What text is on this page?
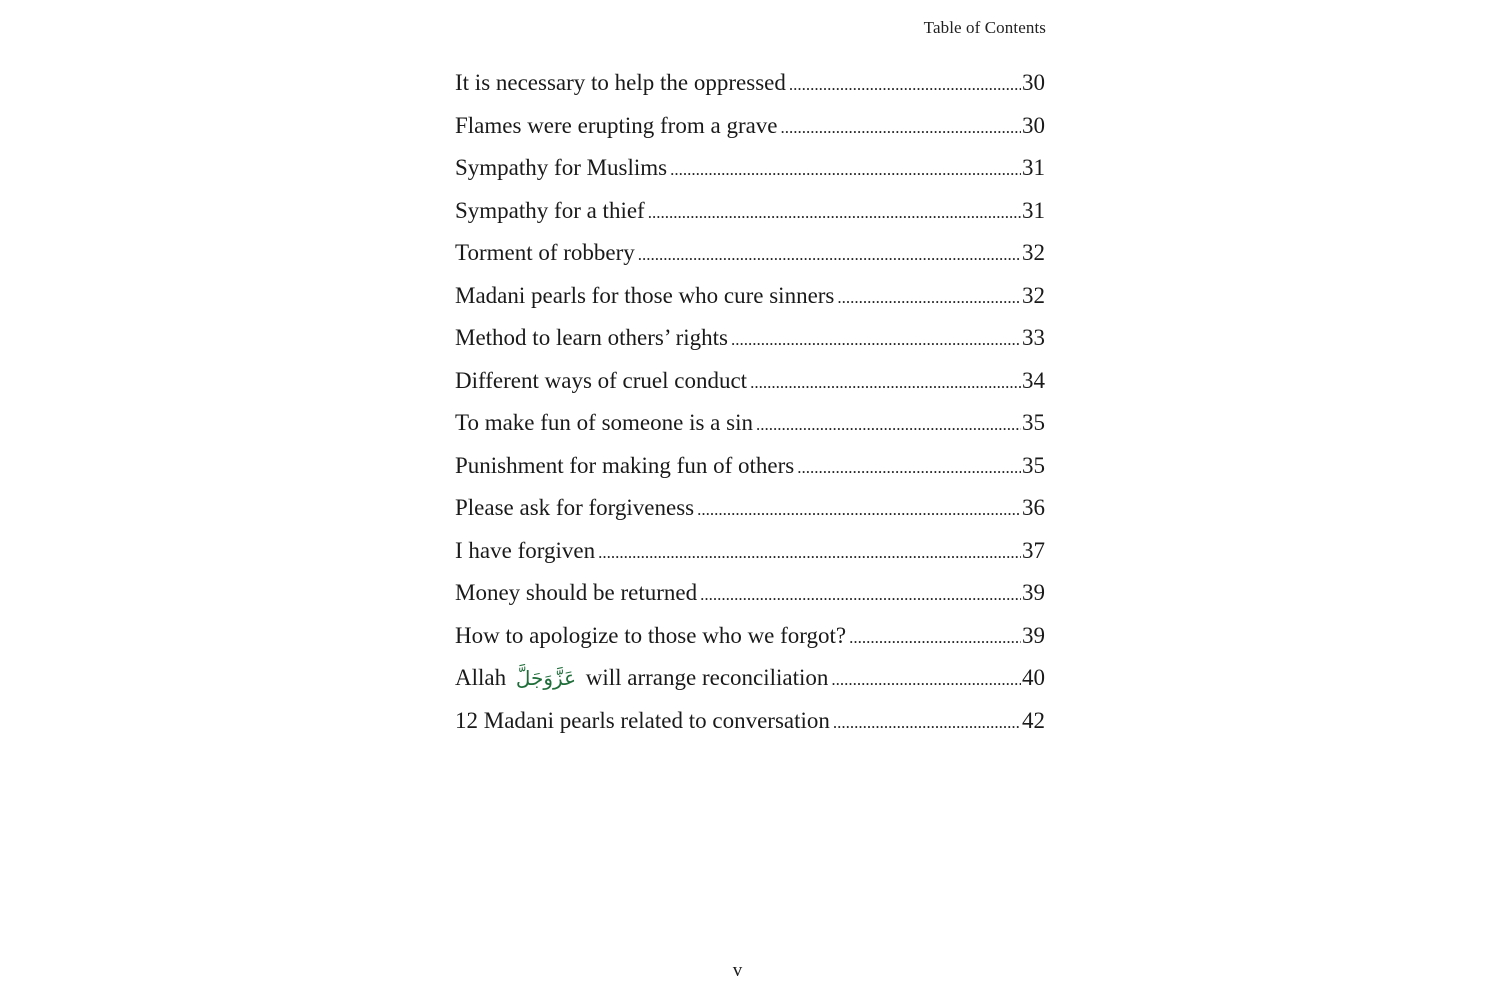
Table of Contents
It is necessary to help the oppressed .....	30
Flames were erupting from a grave .....	30
Sympathy for Muslims .....	31
Sympathy for a thief .....	31
Torment of robbery .....	32
Madani pearls for those who cure sinners .....	32
Method to learn others’ rights .....	33
Different ways of cruel conduct .....	34
To make fun of someone is a sin .....	35
Punishment for making fun of others .....	35
Please ask for forgiveness .....	36
I have forgiven .....	37
Money should be returned .....	39
How to apologize to those who we forgot? .....	39
Allah عَزَّوَجَلَّ will arrange reconciliation .....	40
12 Madani pearls related to conversation .....	42
v
